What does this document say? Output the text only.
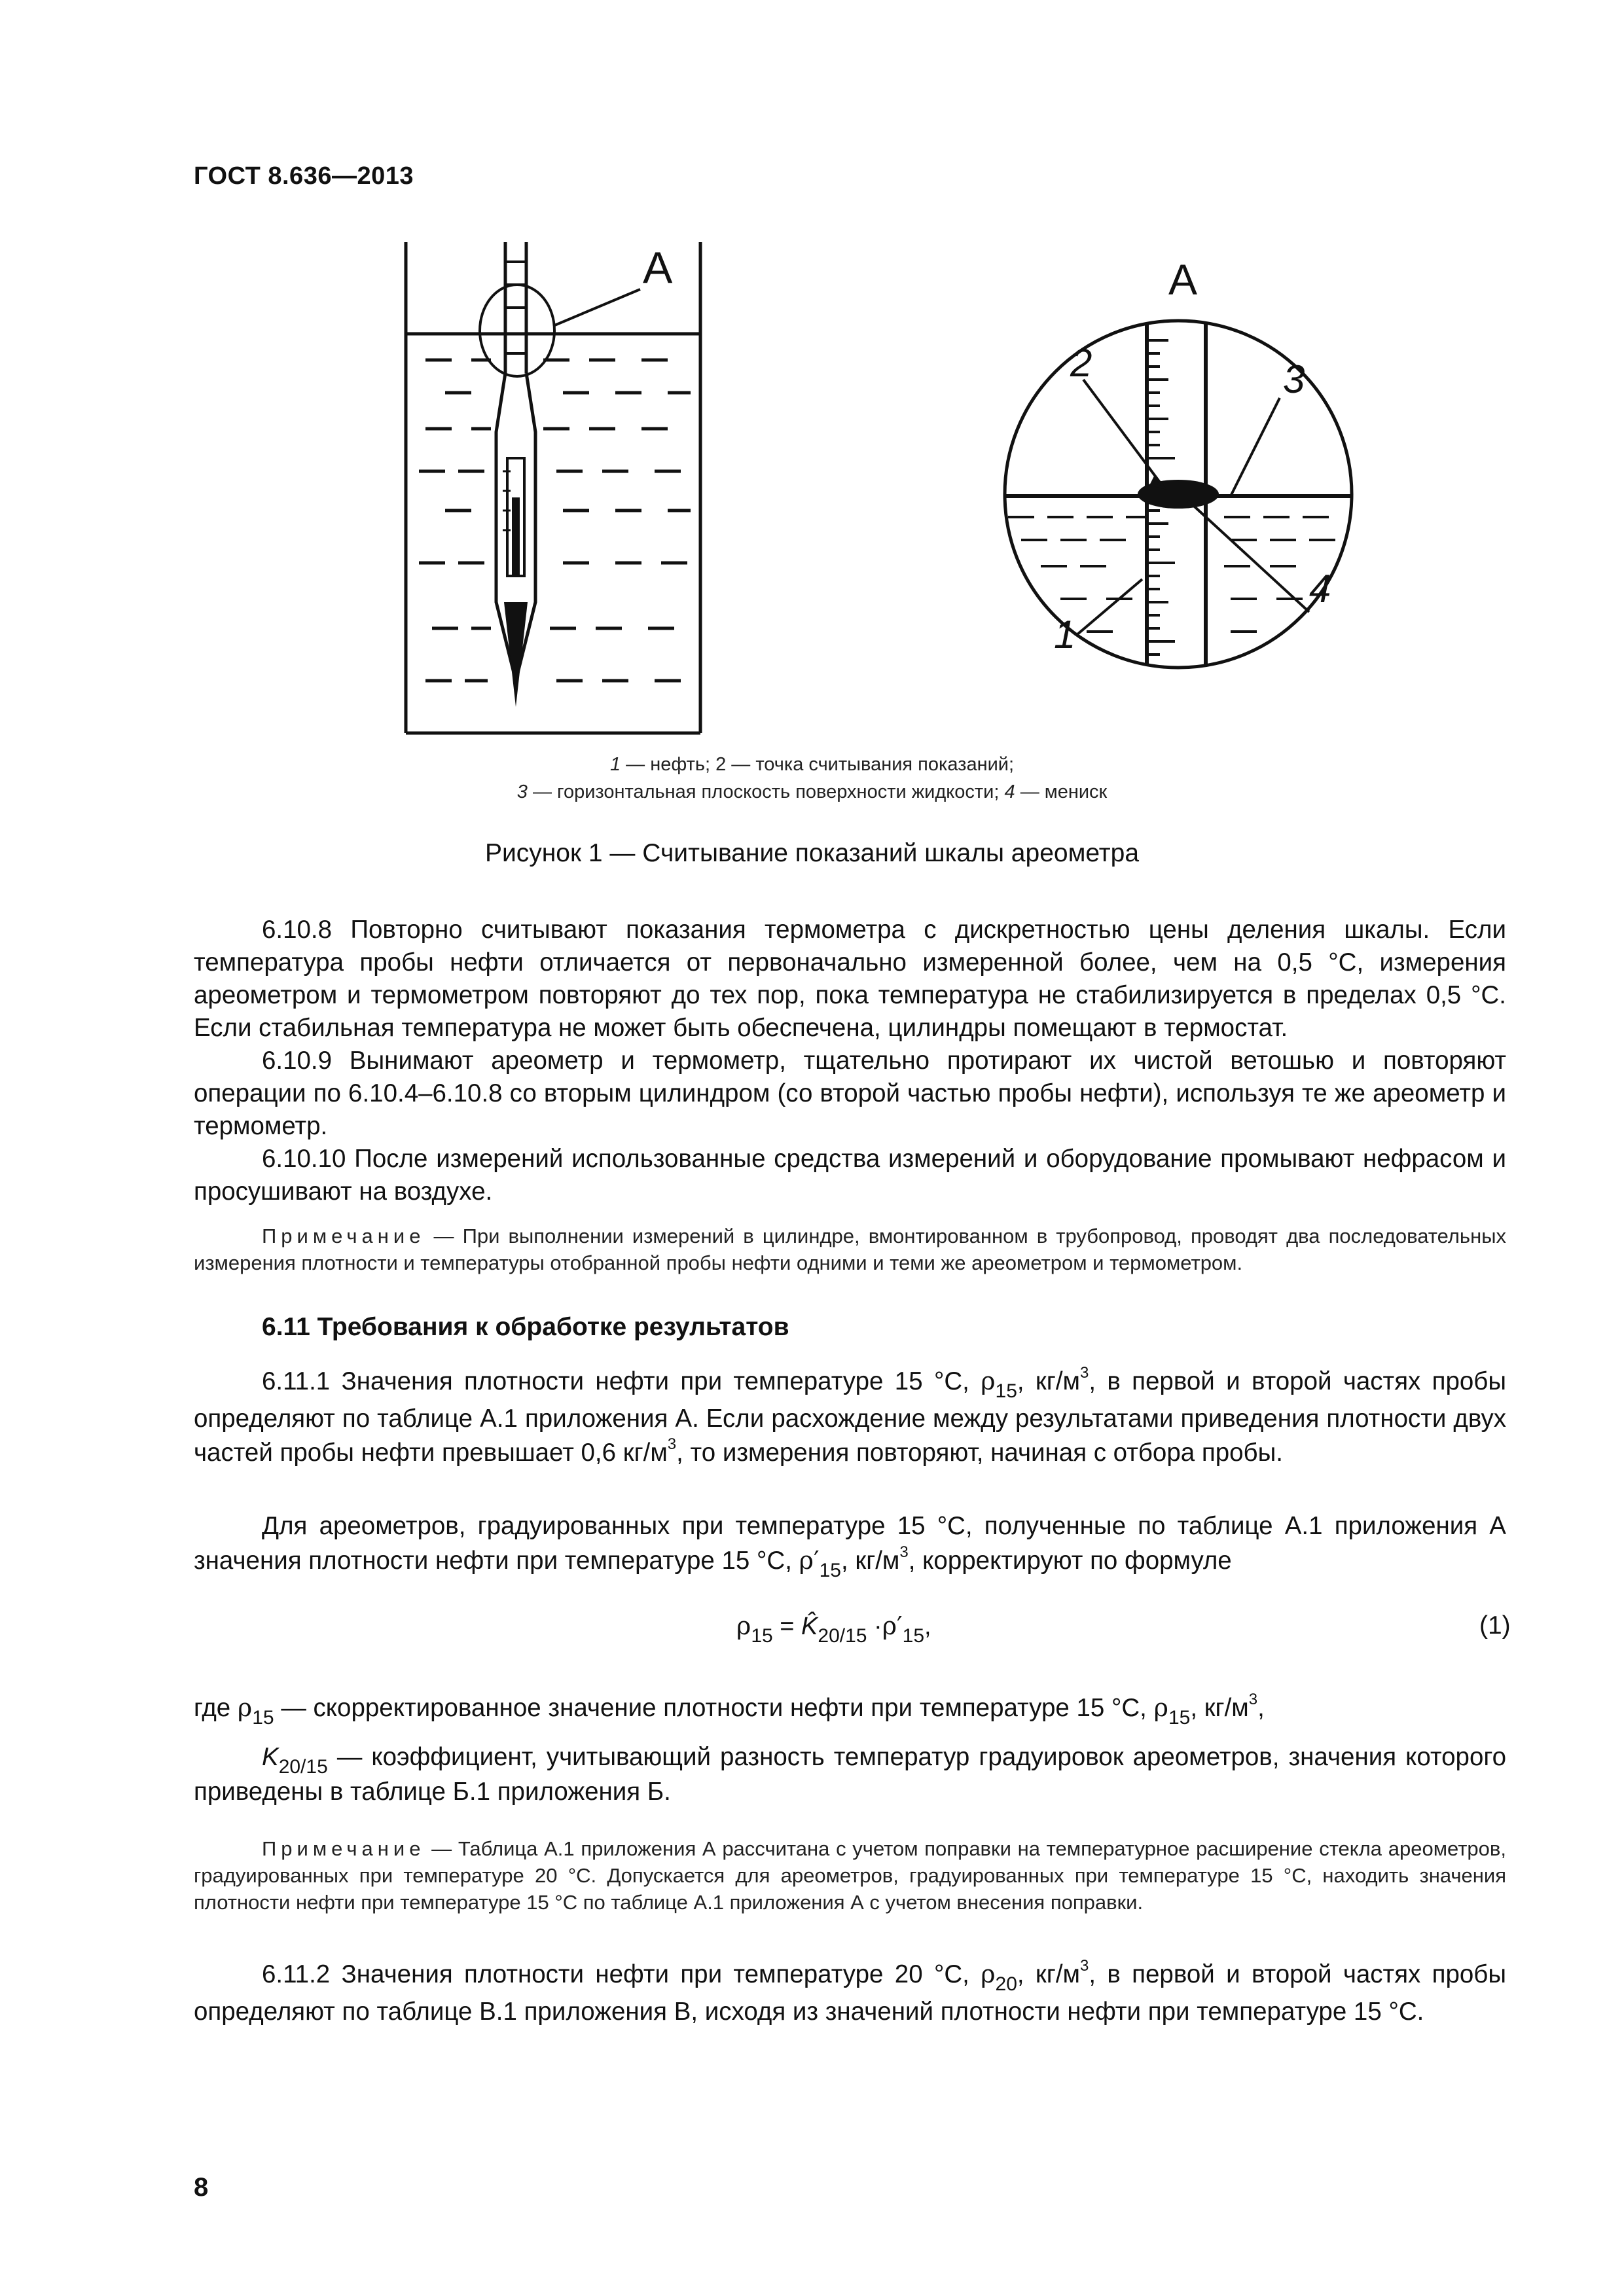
ГОСТ 8.636—2013
А	А
2	3
4
1
1 — нефть; 2 — точка считывания показаний;
3 — горизонтальная плоскость поверхности жидкости; 4 — мениск
Рисунок 1 — Считывание показаний шкалы ареометра
6.10.8 Повторно считывают показания термометра с дискретностью цены деления шкалы. Если температура пробы нефти отличается от первоначально измеренной более, чем на 0,5 °С, измерения ареометром и термометром повторяют до тех пор, пока температура не стабилизируется в пределах 0,5 °С. Если стабильная температура не может быть обеспечена, цилиндры помещают в термостат.
6.10.9 Вынимают ареометр и термометр, тщательно протирают их чистой ветошью и повторяют операции по 6.10.4–6.10.8 со вторым цилиндром (со второй частью пробы нефти), используя те же ареометр и термометр.
6.10.10 После измерений использованные средства измерений и оборудование промывают нефрасом и просушивают на воздухе.
Примечание — При выполнении измерений в цилиндре, вмонтированном в трубопровод, проводят два последовательных измерения плотности и температуры отобранной пробы нефти одними и теми же ареометром и термометром.
6.11 Требования к обработке результатов
6.11.1 Значения плотности нефти при температуре 15 °С, $\rho_{15}$, $кг/м^3$, в первой и второй частях пробы определяют по таблице А.1 приложения А. Если расхождение между результатами приведения плотности двух частей пробы нефти превышает 0,6 $кг/м^3$, то измерения повторяют, начиная с отбора пробы.
Для ареометров, градуированных при температуре 15 °С, полученные по таблице А.1 приложения А значения плотности нефти при температуре 15 °С, $\rho'_{15}$, $кг/м^3$, корректируют по формуле
$\rho_{15}$ = $K̂_{20/15} \cdot\rho'_{15}$,	(1)
где $\rho_{15}$ — скорректированное значение плотности нефти при температуре 15 °С, $\rho_{15}$, $кг/м^3$,
$K_{20/15}$ — коэффициент, учитывающий разность температур градуировок ареометров, значения которого приведены в таблице Б.1 приложения Б.
Примечание — Таблица А.1 приложения А рассчитана с учетом поправки на температурное расширение стекла ареометров, градуированных при температуре 20 °С. Допускается для ареометров, градуированных при температуре 15 °С, находить значения плотности нефти при температуре 15 °С по таблице А.1 приложения А с учетом внесения поправки.
6.11.2 Значения плотности нефти при температуре 20 °С, $\rho_{20}$, $кг/м^3$, в первой и второй частях пробы определяют по таблице В.1 приложения В, исходя из значений плотности нефти при температуре 15 °С.
8
